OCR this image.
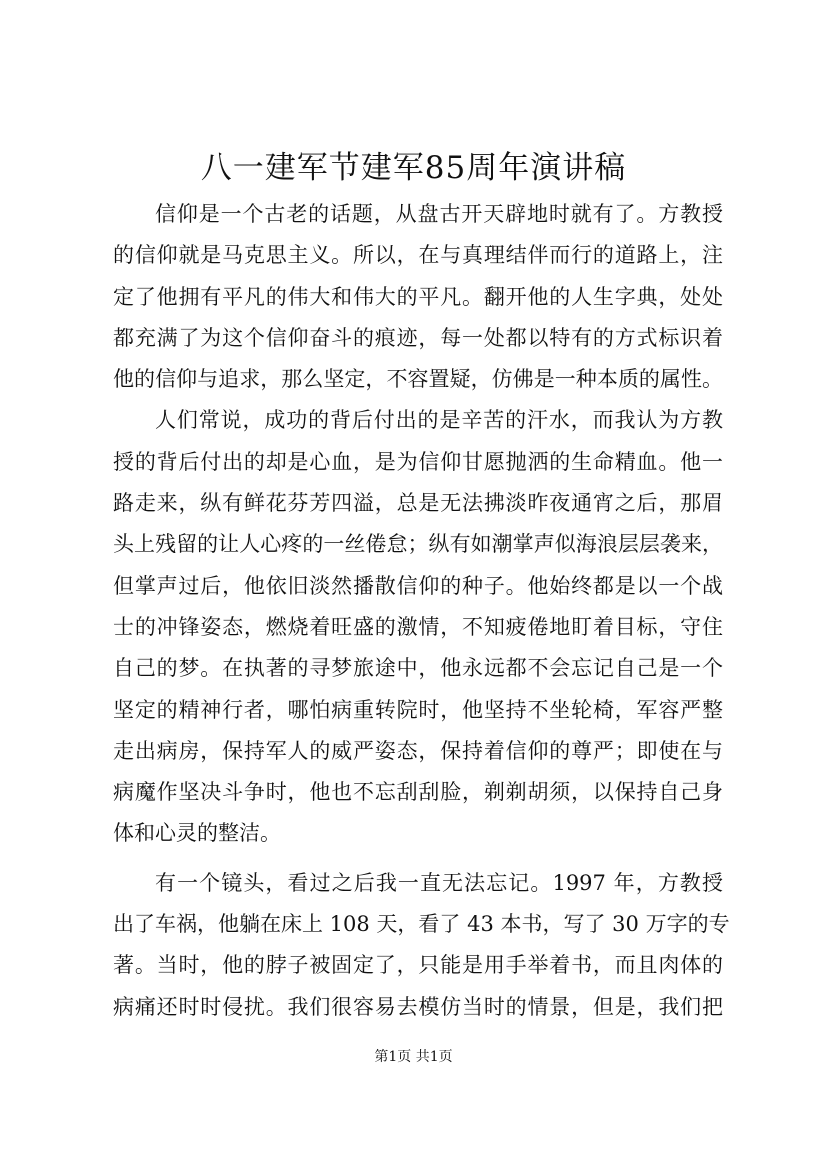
八一建军节建军85周年演讲稿
信仰是一个古老的话题，从盘古开天辟地时就有了。方教授
的信仰就是马克思主义。所以，在与真理结伴而行的道路上，注
定了他拥有平凡的伟大和伟大的平凡。翻开他的人生字典，处处
都充满了为这个信仰奋斗的痕迹，每一处都以特有的方式标识着
他的信仰与追求，那么坚定，不容置疑，仿佛是一种本质的属性。
人们常说，成功的背后付出的是辛苦的汗水，而我认为方教
授的背后付出的却是心血，是为信仰甘愿抛洒的生命精血。他一
路走来，纵有鲜花芬芳四溢，总是无法拂淡昨夜通宵之后，那眉
头上残留的让人心疼的一丝倦怠；纵有如潮掌声似海浪层层袭来，
但掌声过后，他依旧淡然播散信仰的种子。他始终都是以一个战
士的冲锋姿态，燃烧着旺盛的激情，不知疲倦地盯着目标，守住
自己的梦。在执著的寻梦旅途中，他永远都不会忘记自己是一个
坚定的精神行者，哪怕病重转院时，他坚持不坐轮椅，军容严整
走出病房，保持军人的威严姿态，保持着信仰的尊严；即使在与
病魔作坚决斗争时，他也不忘刮刮脸，剃剃胡须，以保持自己身
体和心灵的整洁。
有一个镜头，看过之后我一直无法忘记。1997 年，方教授
出了车祸，他躺在床上 108 天，看了 43 本书，写了 30 万字的专
著。当时，他的脖子被固定了，只能是用手举着书，而且肉体的
病痛还时时侵扰。我们很容易去模仿当时的情景，但是，我们把
第1页 共1页
